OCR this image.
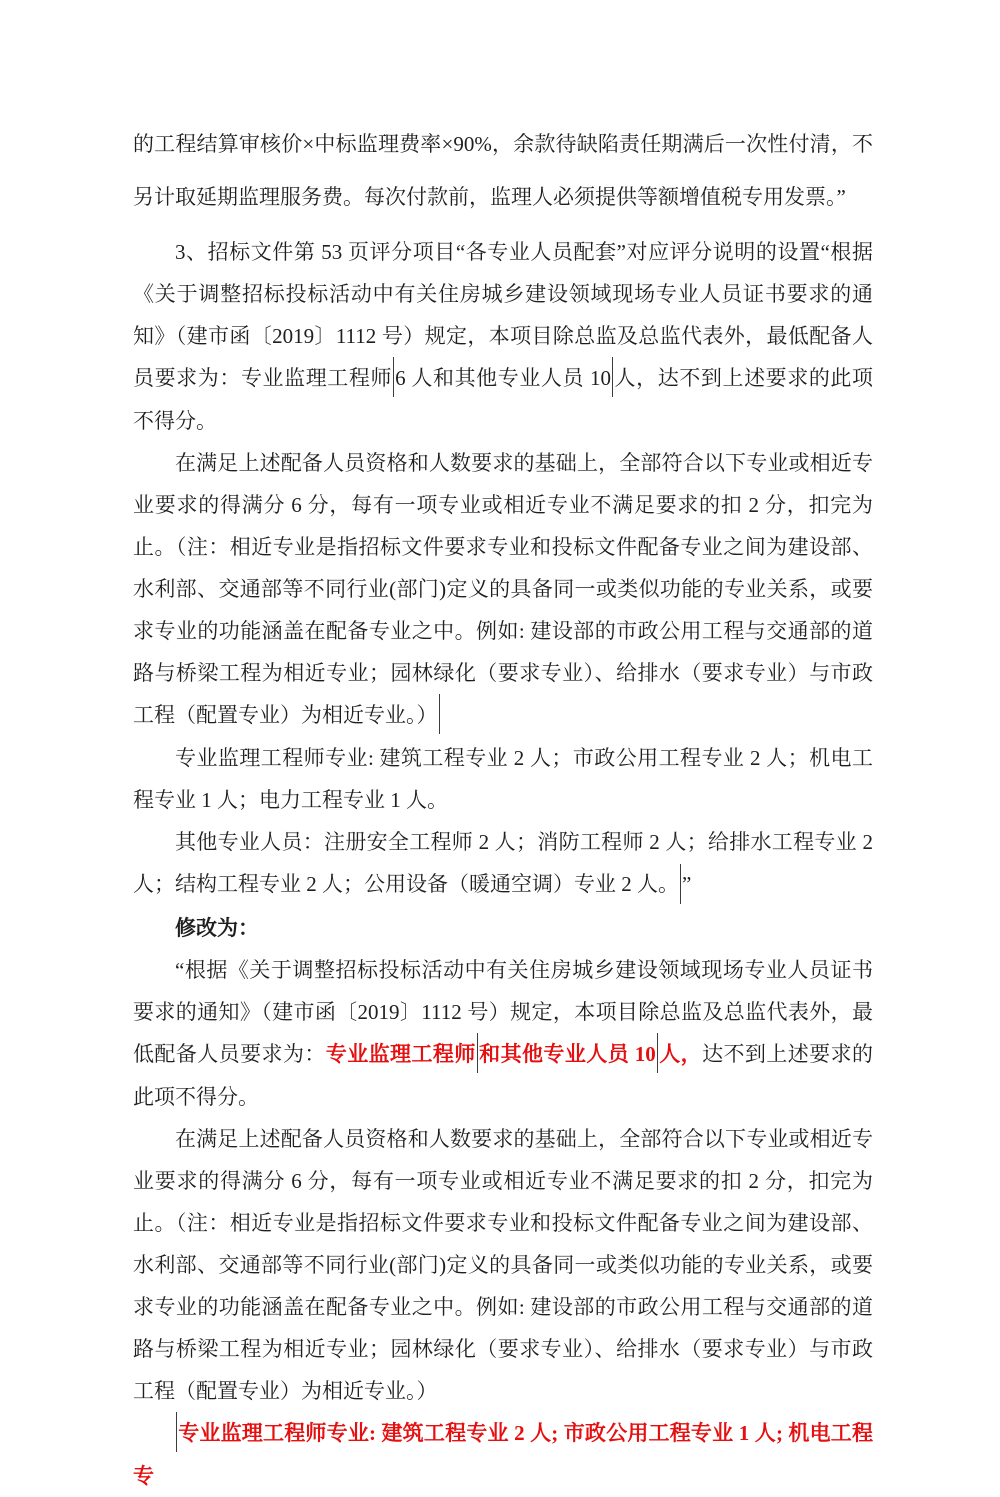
的工程结算审核价×中标监理费率×90%，余款待缺陷责任期满后一次性付清，不另计取延期监理服务费。每次付款前，监理人必须提供等额增值税专用发票。”

3、招标文件第 53 页评分项目“各专业人员配套”对应评分说明的设置“根据《关于调整招标投标活动中有关住房城乡建设领域现场专业人员证书要求的通知》（建市函〔2019〕1112 号）规定，本项目除总监及总监代表外，最低配备人员要求为：专业监理工程师 6 人和其他专业人员 10 人，达不到上述要求的此项不得分。

在满足上述配备人员资格和人数要求的基础上，全部符合以下专业或相近专业要求的得满分 6 分，每有一项专业或相近专业不满足要求的扣 2 分，扣完为止。（注：相近专业是指招标文件要求专业和投标文件配备专业之间为建设部、水利部、交通部等不同行业(部门)定义的具备同一或类似功能的专业关系，或要求专业的功能涵盖在配备专业之中。例如: 建设部的市政公用工程与交通部的道路与桥梁工程为相近专业；园林绿化（要求专业）、给排水（要求专业）与市政工程（配置专业）为相近专业。）

专业监理工程师专业: 建筑工程专业 2 人；市政公用工程专业 2 人；机电工程专业 1 人；电力工程专业 1 人。

其他专业人员：注册安全工程师 2 人；消防工程师 2 人；给排水工程专业 2 人；结构工程专业 2 人；公用设备（暖通空调）专业 2 人。 ”

修改为：

“根据《关于调整招标投标活动中有关住房城乡建设领域现场专业人员证书要求的通知》（建市函〔2019〕1112 号）规定，本项目除总监及总监代表外，最低配备人员要求为：专业监理工程师 和其他专业人员 10 人，达不到上述要求的此项不得分。

在满足上述配备人员资格和人数要求的基础上，全部符合以下专业或相近专业要求的得满分 6 分，每有一项专业或相近专业不满足要求的扣 2 分，扣完为止。（注：相近专业是指招标文件要求专业和投标文件配备专业之间为建设部、水利部、交通部等不同行业(部门)定义的具备同一或类似功能的专业关系，或要求专业的功能涵盖在配备专业之中。例如: 建设部的市政公用工程与交通部的道路与桥梁工程为相近专业；园林绿化（要求专业）、给排水（要求专业）与市政工程（配置专业）为相近专业。）

专业监理工程师专业: 建筑工程专业 2 人; 市政公用工程专业 1 人; 机电工程专
